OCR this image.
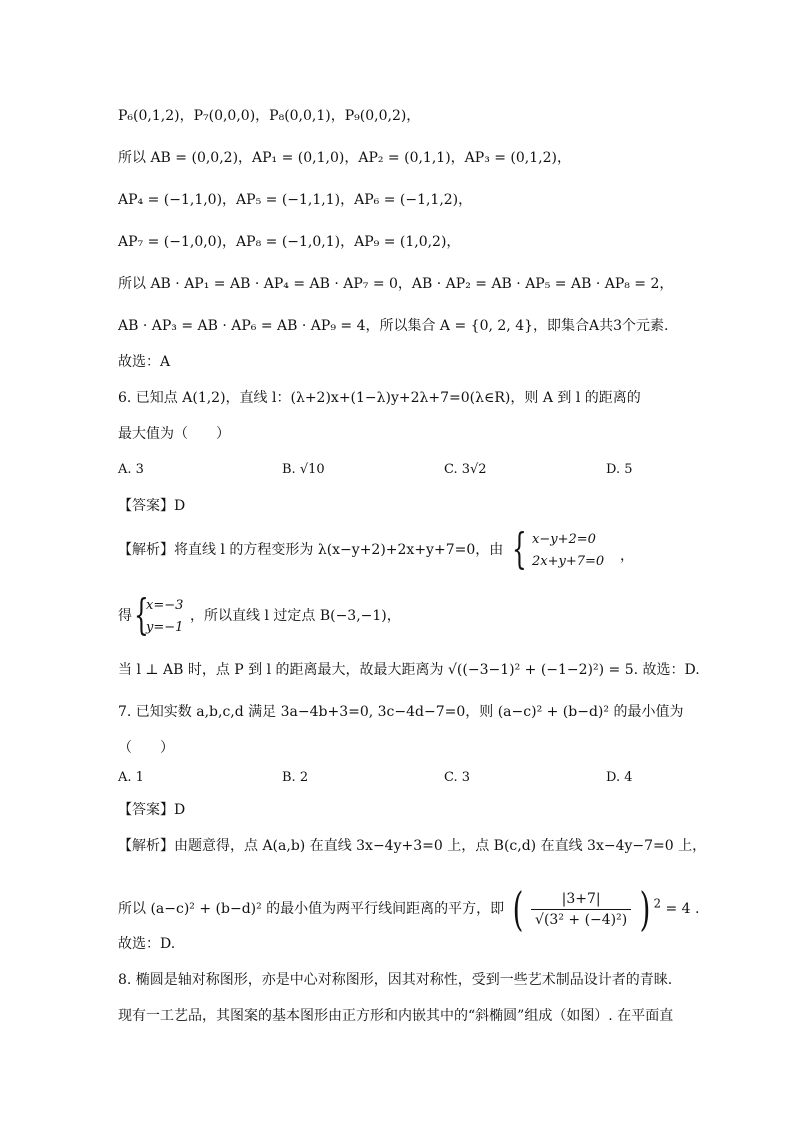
P₆(0,1,2)，P₇(0,0,0)，P₈(0,0,1)，P₉(0,0,2)，
所以 AB = (0,0,2)，AP₁ = (0,1,0)，AP₂ = (0,1,1)，AP₃ = (0,1,2)，
AP₄ = (−1,1,0)，AP₅ = (−1,1,1)，AP₆ = (−1,1,2)，
AP₇ = (−1,0,0)，AP₈ = (−1,0,1)，AP₉ = (1,0,2)，
所以 AB · AP₁ = AB · AP₄ = AB · AP₇ = 0，AB · AP₂ = AB · AP₅ = AB · AP₈ = 2，
AB · AP₃ = AB · AP₆ = AB · AP₉ = 4，所以集合 A = {0, 2, 4}，即集合A共3个元素.
故选：A
6. 已知点 A(1,2)，直线 l：(λ+2)x+(1−λ)y+2λ+7=0(λ∈R)，则 A 到 l 的距离的
最大值为（　　）
A. 3	B. √10	C. 3√2	D. 5
【答案】D
【解析】将直线 l 的方程变形为 λ(x−y+2)+2x+y+7=0，由 { x−y+2=0
2x+y+7=0 ，
得 {
x=−3
y=−1
，所以直线 l 过定点 B(−3,−1)，
当 l ⊥ AB 时，点 P 到 l 的距离最大，故最大距离为 √((−3−1)² + (−1−2)²) = 5. 故选：D.
7. 已知实数 a,b,c,d 满足 3a−4b+3=0, 3c−4d−7=0，则 (a−c)² + (b−d)² 的最小值为
（　　）
A. 1	B. 2	C. 3	D. 4
【答案】D
【解析】由题意得，点 A(a,b) 在直线 3x−4y+3=0 上，点 B(c,d) 在直线 3x−4y−7=0 上，
所以 (a−c)² + (b−d)² 的最小值为两平行线间距离的平方，即 ( $\frac{|3+7|}{\text{√(3² + (−4)²)}}$ ) $^2$ = 4 .
故选：D.
8. 椭圆是轴对称图形，亦是中心对称图形，因其对称性，受到一些艺术制品设计者的青睐.
现有一工艺品，其图案的基本图形由正方形和内嵌其中的“斜椭圆”组成（如图）. 在平面直
